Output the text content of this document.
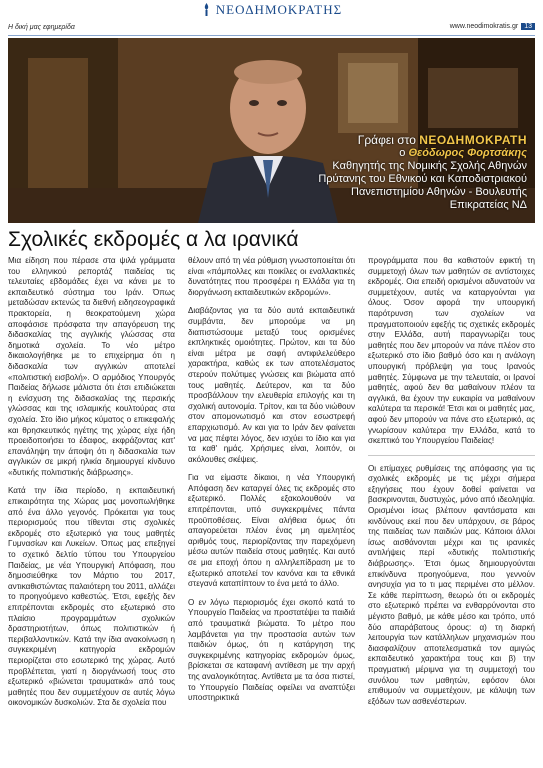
ΝΕΟΔΗΜΟΚΡΑΤΗΣ
Η δική μας εφημερίδα	www.neodimokratis.gr 13
Γράφει στο ΝΕΟΔΗΜΟΚΡΑΤΗ
ο Θεόδωρος Φορτσάκης
Καθηγητής της Νομικής Σχολής Αθηνών
Πρύτανης του Εθνικού και Καποδιστριακού
Πανεπιστημίου Αθηνών - Βουλευτής
Επικρατείας ΝΔ
Σχολικές εκδρομές α λα ιρανικά

Μια είδηση που πέρασε στα ψιλά γράμματα του ελληνικού ρεπορτάζ παιδείας τις τελευταίες εβδομάδες έχει να κάνει με το εκπαιδευτικό σύστημα του Ιράν. Όπως μεταδώσαν εκτενώς τα διεθνή ειδησεογραφικά πρακτορεία, η θεοκρατούμενη χώρα αποφάσισε πρόσφατα την απαγόρευση της διδασκαλίας της αγγλικής γλώσσας στα δημοτικά σχολεία. Το νέο μέτρο δικαιολογήθηκε με το επιχείρημα ότι η διδασκαλία των αγγλικών αποτελεί «πολιτιστική εισβολή». Ο αρμόδιος Υπουργός Παιδείας δήλωσε μάλιστα ότι έτσι επιδιώκεται η ενίσχυση της διδασκαλίας της περσικής γλώσσας και της ισλαμικής κουλτούρας στα σχολεία. Στο ίδιο μήκος κύματος ο επικεφαλής και θρησκευτικός ηγέτης της χώρας είχε ήδη προειδοποιήσει το έδαφος, εκφράζοντας κατ' επανάληψη την άποψη ότι η διδασκαλία των αγγλικών σε μικρή ηλικία δημιουργεί κίνδυνο «δυτικής πολιτιστικής διάβρωσης».

Κατά την ίδια περίοδο, η εκπαιδευτική επικαιρότητα της Χώρας μας μονοπωλήθηκε από ένα άλλο γεγονός. Πρόκειται για τους περιορισμούς που τίθενται στις σχολικές εκδρομές στο εξωτερικό για τους μαθητές Γυμνασίων και Λυκείων. Όπως μας επεξηγεί το σχετικό δελτίο τύπου του Υπουργείου Παιδείας, με νέα Υπουργική Απόφαση, που δημοσιεύθηκε τον Μάρτιο του 2017, αντικαθιστώντας παλαιότερη του 2011, αλλάζει το προηγούμενο καθεστώς. Έτσι, εφεξής δεν επιτρέπονται εκδρομές στο εξωτερικό στο πλαίσιο προγραμμάτων σχολικών δραστηριοτήτων, όπως πολιτιστικών ή περιβαλλοντικών. Κατά την ίδια ανακοίνωση η συγκεκριμένη κατηγορία εκδρομών περιορίζεται στο εσωτερικό της χώρας. Αυτό προβλέπεται, γιατί η διοργάνωσή τους στο εξωτερικό «βιώνεται τραυματικά» από τους μαθητές που δεν συμμετέχουν σε αυτές λόγω οικονομικών δυσκολιών. Στα δε σχολεία που

θέλουν από τη νέα ρύθμιση γνωστοποιείται ότι είναι «πάμπολλες και ποικίλες οι εναλλακτικές δυνατότητες που προσφέρει η Ελλάδα για τη διοργάνωση εκπαιδευτικών εκδρομών».

Διαβάζοντας για τα δύο αυτά εκπαιδευτικά συμβάντα, δεν μπορούμε να μη διαπιστώσουμε μεταξύ τους ορισμένες εκπληκτικές ομοιότητες. Πρώτον, και τα δύο είναι μέτρα με σαφή αντιφιλελεύθερο χαρακτήρα, καθώς εκ των αποτελέσματος στερούν πολύτιμες γνώσεις και βιώματα από τους μαθητές. Δεύτερον, και τα δύο προσβάλλουν την ελευθερία επιλογής και τη σχολική αυτονομία. Τρίτον, και τα δύο νιώθουν στον απομονωτισμό και στον εσωστρεφή επαρχιωτισμό. Αν και για το Ιράν δεν φαίνεται να μας πέφτει λόγος, δεν ισχύει το ίδιο και για τα καθ' ημάς. Χρήσιμες είναι, λοιπόν, οι ακόλουθες σκέψεις.

Για να είμαστε δίκαιοι, η νέα Υπουργική Απόφαση δεν καταργεί όλες τις εκδρομές στο εξωτερικό. Πολλές εξακολουθούν να επιτρέπονται, υπό συγκεκριμένες πάντα προϋποθέσεις. Είναι αλήθεια όμως ότι απαγορεύεται πλέον ένας μη αμελητέος αριθμός τους, περιορίζοντας την παρεχόμενη μέσω αυτών παιδεία στους μαθητές. Και αυτό σε μια εποχή όπου η αλληλεπίδραση με το εξωτερικό αποτελεί τον κανόνα και τα εθνικά στεγανά καταπίπτουν το ένα μετά το άλλο.

Ο εν λόγω περιορισμός έχει σκοπό κατά το Υπουργείο Παιδείας να προστατέψει τα παιδιά από τραυματικά βιώματα. Το μέτρο που λαμβάνεται για την προστασία αυτών των παιδιών όμως, ότι η κατάργηση της συγκεκριμένης κατηγορίας εκδρομών όμως, βρίσκεται σε καταφανή αντίθεση με την αρχή της αναλογικότητας. Αντίθετα με τα όσα πιστεί, το Υπουργείο Παιδείας οφείλει να αναπτύξει υποστηρικτικά

προγράμματα που θα καθιστούν εφικτή τη συμμετοχή όλων των μαθητών σε αντίστοιχες εκδρομές. Οια επειδή ορισμένοι αδυνατούν να συμμετέχουν, αυτές να καταργούνται για όλους. Όσον αφορά την υπουργική παρότρυνση των σχολείων να πραγματοποιούν εφεξής τις σχετικές εκδρομές στην Ελλάδα, αυτή παραγνωρίζει τους μαθητές που δεν μπορούν να πάνε πλέον στο εξωτερικό στο ίδιο βαθμό όσο και η ανάλογη υπουργική πρόβλεψη για τους Ιρανούς μαθητές. Σύμφωνα με την τελευταία, οι Ιρανοί μαθητές, αφού δεν θα μαθαίνουν πλέον τα αγγλικά, θα έχουν την ευκαιρία να μαθαίνουν καλύτερα τα περσικά! Έτσι και οι μαθητές μας, αφού δεν μπορούν να πάνε στο εξωτερικό, ας γνωρίσουν καλύτερα την Ελλάδα, κατά το σκεπτικό του Υπουργείου Παιδείας!

Οι επίμαχες ρυθμίσεις της απόφασης για τις σχολικές εκδρομές με τις μέχρι σήμερα εξηγήσεις που έχουν δοθεί φαίνεται να βασκρινονται, δυστυχώς, μόνο από ιδεοληψία. Ορισμένοι ίσως βλέπουν φαντάσματα και κινδύνους εκεί που δεν υπάρχουν, σε βάρος της παιδείας των παιδιών μας. Κάποιοι άλλοι ίσως αισθάνονται μέχρι και τις ιρανικές αντιλήψεις περί «δυτικής πολιτιστικής διάβρωσης». Έτσι όμως δημιουργούνται επικίνδυνα προηγούμενα, που γεννούν ανησυχία για το τι μας περιμένει στο μέλλον. Σε κάθε περίπτωση, θεωρώ ότι οι εκδρομές στο εξωτερικό πρέπει να ενθαρρύνονται στο μέγιστο βαθμό, με κάθε μέσο και τρόπο, υπό δύο απαράβατους όρους: α) τη διαρκή λειτουργία των κατάλληλων μηχανισμών που διασφαλίζουν αποτελεσματικά τον αμιγώς εκπαιδευτικό χαρακτήρα τους και β) την πραγματική μέριμνα για τη συμμετοχή του συνόλου των μαθητών, εφόσον όλοι επιθυμούν να συμμετέχουν, με κάλυψη των εξόδων των ασθενέστερων.
